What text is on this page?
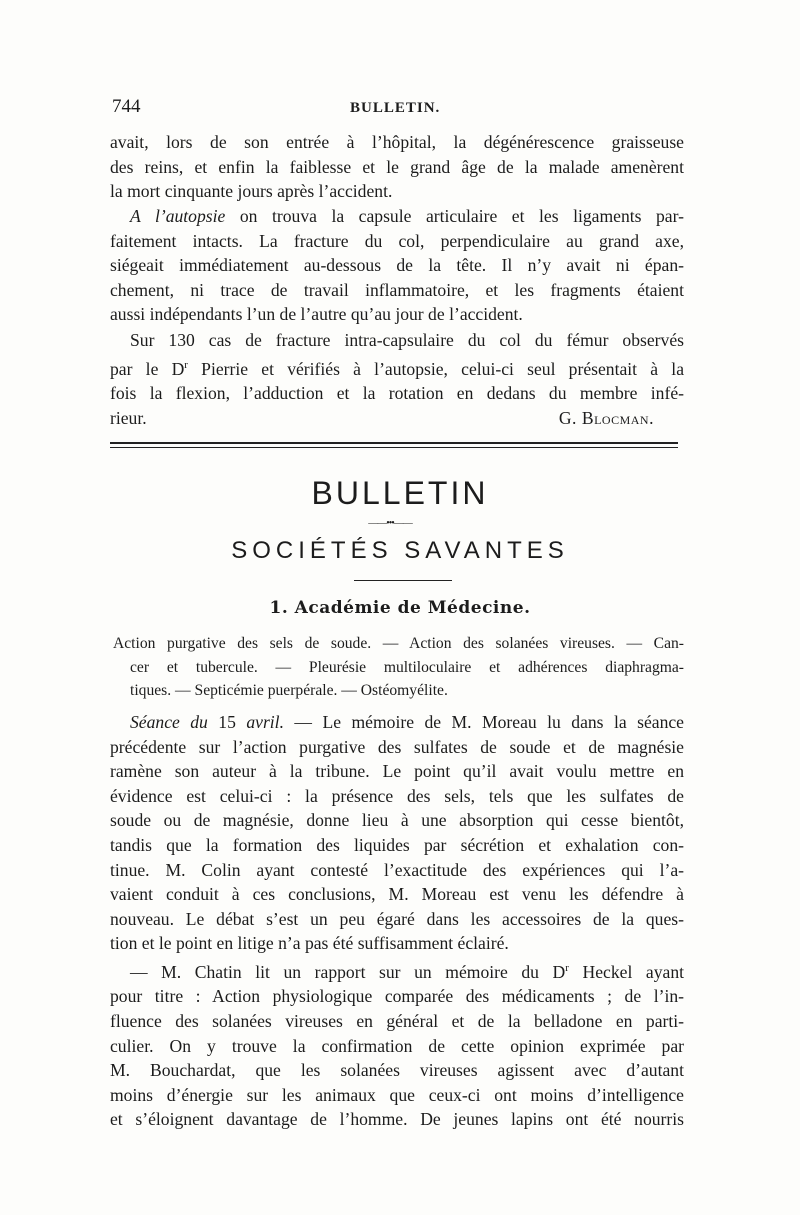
744	BULLETIN.

avait, lors de son entrée à l’hôpital, la dégénérescence graisseuse
des reins, et enfin la faiblesse et le grand âge de la malade amenèrent
la mort cinquante jours après l’accident.

A l’autopsie on trouva la capsule articulaire et les ligaments par-
faitement intacts. La fracture du col, perpendiculaire au grand axe,
siégeait immédiatement au-dessous de la tête. Il n’y avait ni épan-
chement, ni trace de travail inflammatoire, et les fragments étaient
aussi indépendants l’un de l’autre qu’au jour de l’accident.

Sur 130 cas de fracture intra-capsulaire du col du fémur observés
par le $D^r$ Pierrie et vérifiés à l’autopsie, celui-ci seul présentait à la
fois la flexion, l’adduction et la rotation en dedans du membre infé-
rieur.	G. Blocman.

BULLETIN
——•••——
SOCIÉTÉS SAVANTES
1. Académie de Médecine.

Action purgative des sels de soude. — Action des solanées vireuses. — Can-
cer et tubercule. — Pleurésie multiloculaire et adhérences diaphragma-
tiques. — Septicémie puerpérale. — Ostéomyélite.

Séance du 15 avril. — Le mémoire de M. Moreau lu dans la séance
précédente sur l’action purgative des sulfates de soude et de magnésie
ramène son auteur à la tribune. Le point qu’il avait voulu mettre en
évidence est celui-ci : la présence des sels, tels que les sulfates de
soude ou de magnésie, donne lieu à une absorption qui cesse bientôt,
tandis que la formation des liquides par sécrétion et exhalation con-
tinue. M. Colin ayant contesté l’exactitude des expériences qui l’a-
vaient conduit à ces conclusions, M. Moreau est venu les défendre à
nouveau. Le débat s’est un peu égaré dans les accessoires de la ques-
tion et le point en litige n’a pas été suffisamment éclairé.

— M. Chatin lit un rapport sur un mémoire du $D^r$ Heckel ayant
pour titre : Action physiologique comparée des médicaments ; de l’in-
fluence des solanées vireuses en général et de la belladone en parti-
culier. On y trouve la confirmation de cette opinion exprimée par
M. Bouchardat, que les solanées vireuses agissent avec d’autant
moins d’énergie sur les animaux que ceux-ci ont moins d’intelligence
et s’éloignent davantage de l’homme. De jeunes lapins ont été nourris
